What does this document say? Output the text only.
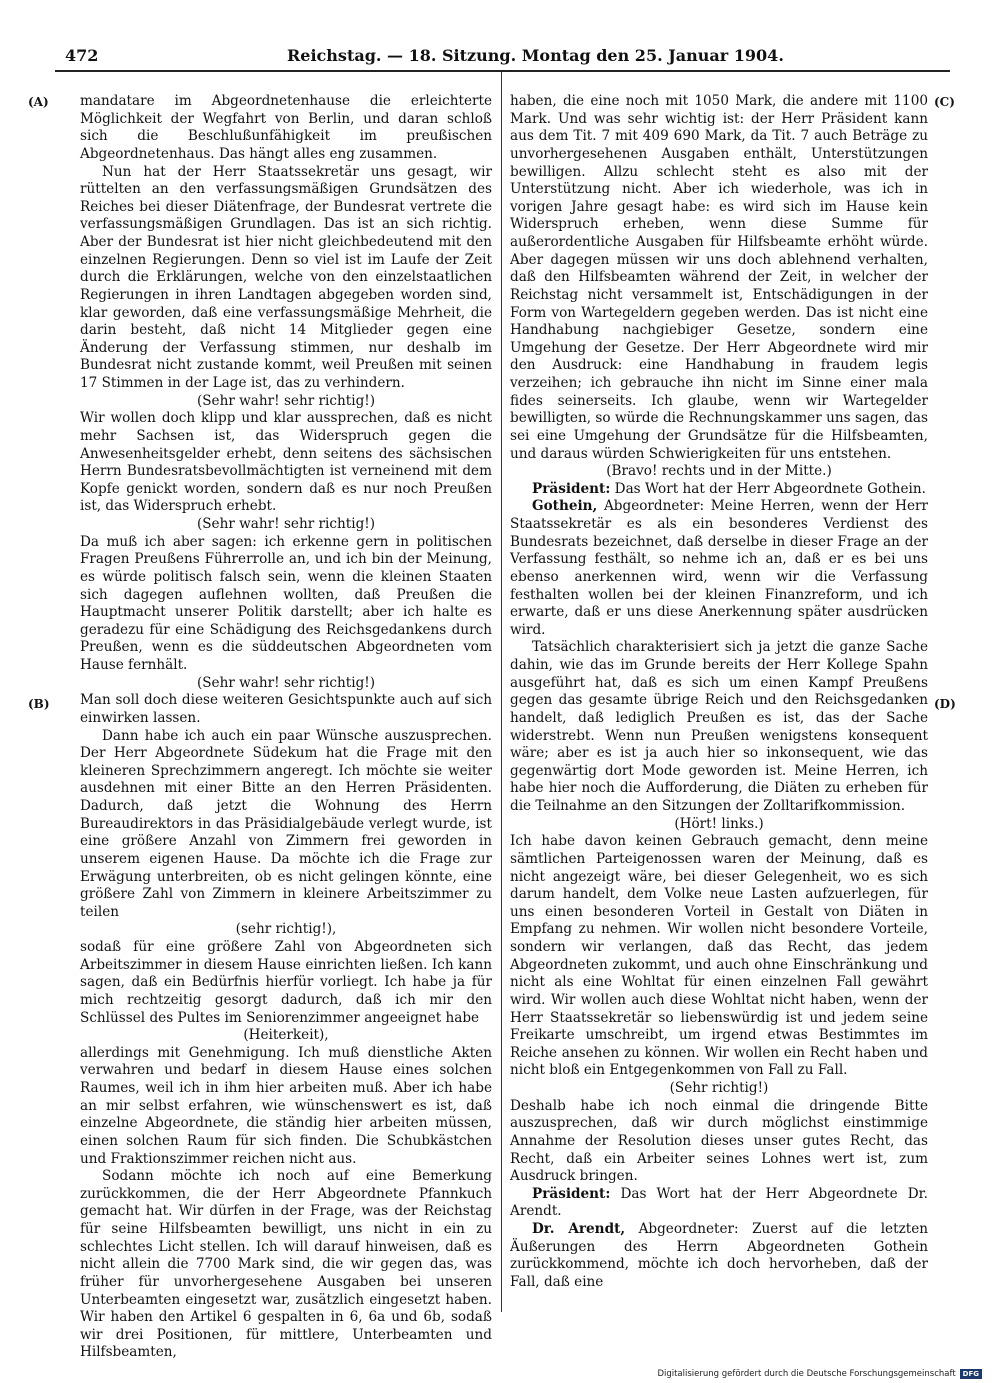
472	Reichstag. — 18. Sitzung. Montag den 25. Januar 1904.
(A)
(B)
(C)
(D)

mandatare im Abgeordnetenhause die erleichterte Möglichkeit der Wegfahrt von Berlin, und daran schloß sich die Beschlußunfähigkeit im preußischen Abgeordnetenhaus. Das hängt alles eng zusammen.

Nun hat der Herr Staatssekretär uns gesagt, wir rüttelten an den verfassungsmäßigen Grundsätzen des Reiches bei dieser Diätenfrage, der Bundesrat vertrete die verfassungsmäßigen Grundlagen. Das ist an sich richtig. Aber der Bundesrat ist hier nicht gleichbedeutend mit den einzelnen Regierungen. Denn so viel ist im Laufe der Zeit durch die Erklärungen, welche von den einzelstaatlichen Regierungen in ihren Landtagen abgegeben worden sind, klar geworden, daß eine verfassungsmäßige Mehrheit, die darin besteht, daß nicht 14 Mitglieder gegen eine Änderung der Verfassung stimmen, nur deshalb im Bundesrat nicht zustande kommt, weil Preußen mit seinen 17 Stimmen in der Lage ist, das zu verhindern.

(Sehr wahr! sehr richtig!)

Wir wollen doch klipp und klar aussprechen, daß es nicht mehr Sachsen ist, das Widerspruch gegen die Anwesenheitsgelder erhebt, denn seitens des sächsischen Herrn Bundesratsbevollmächtigten ist verneinend mit dem Kopfe genickt worden, sondern daß es nur noch Preußen ist, das Widerspruch erhebt.

(Sehr wahr! sehr richtig!)

Da muß ich aber sagen: ich erkenne gern in politischen Fragen Preußens Führerrolle an, und ich bin der Meinung, es würde politisch falsch sein, wenn die kleinen Staaten sich dagegen auflehnen wollten, daß Preußen die Hauptmacht unserer Politik darstellt; aber ich halte es geradezu für eine Schädigung des Reichsgedankens durch Preußen, wenn es die süddeutschen Abgeordneten vom Hause fernhält.

(Sehr wahr! sehr richtig!)

Man soll doch diese weiteren Gesichtspunkte auch auf sich einwirken lassen.

Dann habe ich auch ein paar Wünsche auszusprechen. Der Herr Abgeordnete Südekum hat die Frage mit den kleineren Sprechzimmern angeregt. Ich möchte sie weiter ausdehnen mit einer Bitte an den Herren Präsidenten. Dadurch, daß jetzt die Wohnung des Herrn Bureaudirektors in das Präsidialgebäude verlegt wurde, ist eine größere Anzahl von Zimmern frei geworden in unserem eigenen Hause. Da möchte ich die Frage zur Erwägung unterbreiten, ob es nicht gelingen könnte, eine größere Zahl von Zimmern in kleinere Arbeitszimmer zu teilen

(sehr richtig!),

sodaß für eine größere Zahl von Abgeordneten sich Arbeitszimmer in diesem Hause einrichten ließen. Ich kann sagen, daß ein Bedürfnis hierfür vorliegt. Ich habe ja für mich rechtzeitig gesorgt dadurch, daß ich mir den Schlüssel des Pultes im Seniorenzimmer angeeignet habe

(Heiterkeit),

allerdings mit Genehmigung. Ich muß dienstliche Akten verwahren und bedarf in diesem Hause eines solchen Raumes, weil ich in ihm hier arbeiten muß. Aber ich habe an mir selbst erfahren, wie wünschenswert es ist, daß einzelne Abgeordnete, die ständig hier arbeiten müssen, einen solchen Raum für sich finden. Die Schubkästchen und Fraktionszimmer reichen nicht aus.

Sodann möchte ich noch auf eine Bemerkung zurückkommen, die der Herr Abgeordnete Pfannkuch gemacht hat. Wir dürfen in der Frage, was der Reichstag für seine Hilfsbeamten bewilligt, uns nicht in ein zu schlechtes Licht stellen. Ich will darauf hinweisen, daß es nicht allein die 7700 Mark sind, die wir gegen das, was früher für unvorhergesehene Ausgaben bei unseren Unterbeamten eingesetzt war, zusätzlich eingesetzt haben. Wir haben den Artikel 6 gespalten in 6, 6a und 6b, sodaß wir drei Positionen, für mittlere, Unterbeamten und Hilfsbeamten,

haben, die eine noch mit 1050 Mark, die andere mit 1100 Mark. Und was sehr wichtig ist: der Herr Präsident kann aus dem Tit. 7 mit 409 690 Mark, da Tit. 7 auch Beträge zu unvorhergesehenen Ausgaben enthält, Unterstützungen bewilligen. Allzu schlecht steht es also mit der Unterstützung nicht. Aber ich wiederhole, was ich in vorigen Jahre gesagt habe: es wird sich im Hause kein Widerspruch erheben, wenn diese Summe für außerordentliche Ausgaben für Hilfsbeamte erhöht würde. Aber dagegen müssen wir uns doch ablehnend verhalten, daß den Hilfsbeamten während der Zeit, in welcher der Reichstag nicht versammelt ist, Entschädigungen in der Form von Wartegeldern gegeben werden. Das ist nicht eine Handhabung nachgiebiger Gesetze, sondern eine Umgehung der Gesetze. Der Herr Abgeordnete wird mir den Ausdruck: eine Handhabung in fraudem legis verzeihen; ich gebrauche ihn nicht im Sinne einer mala fides seinerseits. Ich glaube, wenn wir Wartegelder bewilligten, so würde die Rechnungskammer uns sagen, das sei eine Umgehung der Grundsätze für die Hilfsbeamten, und daraus würden Schwierigkeiten für uns entstehen.

(Bravo! rechts und in der Mitte.)

Präsident: Das Wort hat der Herr Abgeordnete Gothein.

Gothein, Abgeordneter: Meine Herren, wenn der Herr Staatssekretär es als ein besonderes Verdienst des Bundesrats bezeichnet, daß derselbe in dieser Frage an der Verfassung festhält, so nehme ich an, daß er es bei uns ebenso anerkennen wird, wenn wir die Verfassung festhalten wollen bei der kleinen Finanzreform, und ich erwarte, daß er uns diese Anerkennung später ausdrücken wird.

Tatsächlich charakterisiert sich ja jetzt die ganze Sache dahin, wie das im Grunde bereits der Herr Kollege Spahn ausgeführt hat, daß es sich um einen Kampf Preußens gegen das gesamte übrige Reich und den Reichsgedanken handelt, daß lediglich Preußen es ist, das der Sache widerstrebt. Wenn nun Preußen wenigstens konsequent wäre; aber es ist ja auch hier so inkonsequent, wie das gegenwärtig dort Mode geworden ist. Meine Herren, ich habe hier noch die Aufforderung, die Diäten zu erheben für die Teilnahme an den Sitzungen der Zolltarifkommission.

(Hört! links.)

Ich habe davon keinen Gebrauch gemacht, denn meine sämtlichen Parteigenossen waren der Meinung, daß es nicht angezeigt wäre, bei dieser Gelegenheit, wo es sich darum handelt, dem Volke neue Lasten aufzuerlegen, für uns einen besonderen Vorteil in Gestalt von Diäten in Empfang zu nehmen. Wir wollen nicht besondere Vorteile, sondern wir verlangen, daß das Recht, das jedem Abgeordneten zukommt, und auch ohne Einschränkung und nicht als eine Wohltat für einen einzelnen Fall gewährt wird. Wir wollen auch diese Wohltat nicht haben, wenn der Herr Staatssekretär so liebenswürdig ist und jedem seine Freikarte umschreibt, um irgend etwas Bestimmtes im Reiche ansehen zu können. Wir wollen ein Recht haben und nicht bloß ein Entgegenkommen von Fall zu Fall.

(Sehr richtig!)

Deshalb habe ich noch einmal die dringende Bitte auszusprechen, daß wir durch möglichst einstimmige Annahme der Resolution dieses unser gutes Recht, das Recht, daß ein Arbeiter seines Lohnes wert ist, zum Ausdruck bringen.

Präsident: Das Wort hat der Herr Abgeordnete Dr. Arendt.

Dr. Arendt, Abgeordneter: Zuerst auf die letzten Äußerungen des Herrn Abgeordneten Gothein zurückkommend, möchte ich doch hervorheben, daß der Fall, daß eine

Digitalisierung gefördert durch die Deutsche Forschungsgemeinschaft	DFG
